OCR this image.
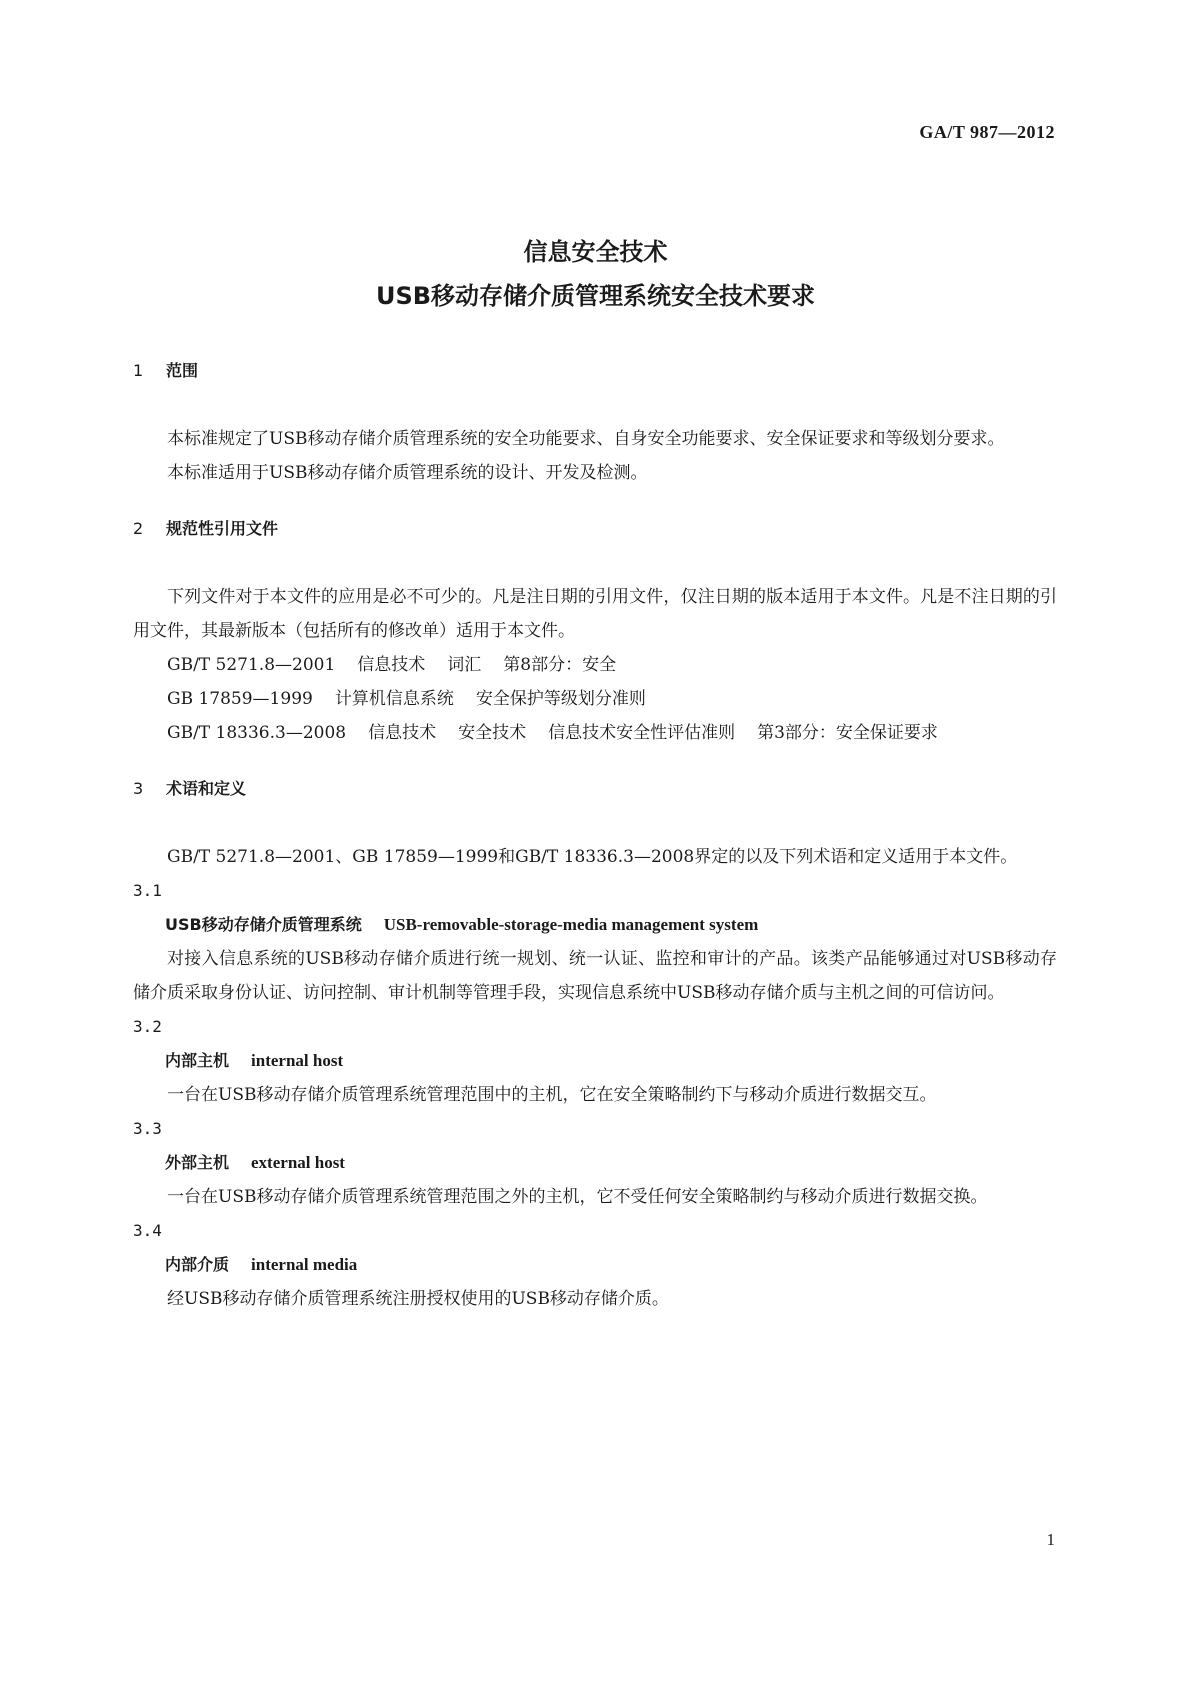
GA/T 987—2012
信息安全技术
USB移动存储介质管理系统安全技术要求
1 范围

本标准规定了USB移动存储介质管理系统的安全功能要求、自身安全功能要求、安全保证要求和等级划分要求。

本标准适用于USB移动存储介质管理系统的设计、开发及检测。

2 规范性引用文件

下列文件对于本文件的应用是必不可少的。凡是注日期的引用文件，仅注日期的版本适用于本文件。凡是不注日期的引用文件，其最新版本（包括所有的修改单）适用于本文件。

GB/T 5271.8—2001 信息技术 词汇 第8部分：安全
GB 17859—1999 计算机信息系统 安全保护等级划分准则
GB/T 18336.3—2008 信息技术 安全技术 信息技术安全性评估准则 第3部分：安全保证要求
3 术语和定义

GB/T 5271.8—2001、GB 17859—1999和GB/T 18336.3—2008界定的以及下列术语和定义适用于本文件。

3.1
USB移动存储介质管理系统 USB-removable-storage-media management system

对接入信息系统的USB移动存储介质进行统一规划、统一认证、监控和审计的产品。该类产品能够通过对USB移动存储介质采取身份认证、访问控制、审计机制等管理手段，实现信息系统中USB移动存储介质与主机之间的可信访问。

3.2
内部主机 internal host

一台在USB移动存储介质管理系统管理范围中的主机，它在安全策略制约下与移动介质进行数据交互。

3.3
外部主机 external host

一台在USB移动存储介质管理系统管理范围之外的主机，它不受任何安全策略制约与移动介质进行数据交换。

3.4
内部介质 internal media

经USB移动存储介质管理系统注册授权使用的USB移动存储介质。

1
